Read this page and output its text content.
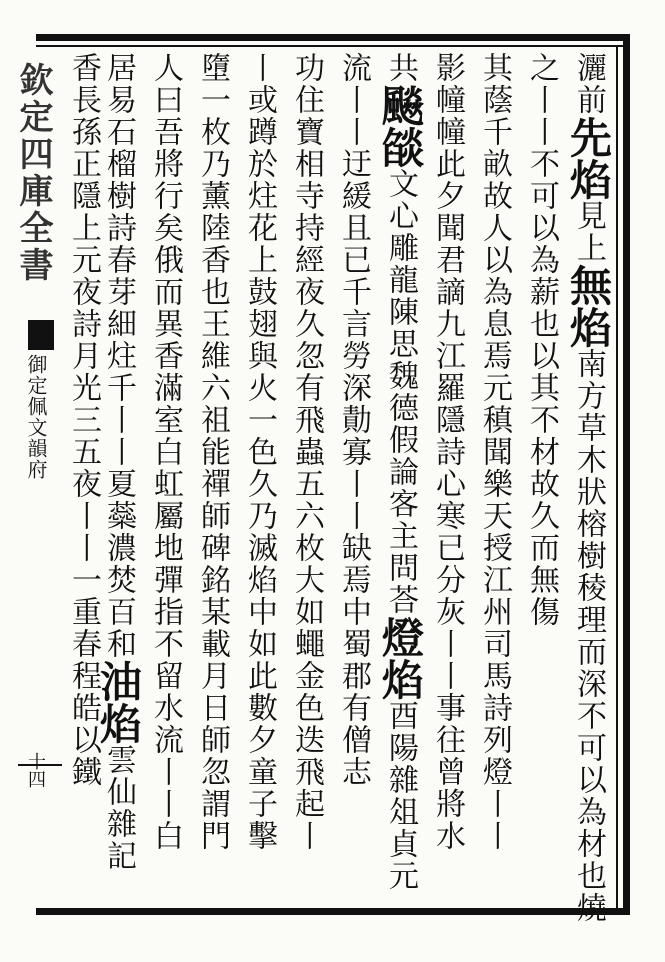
欽定四庫全書
御定佩文韻府
十四
灑前先焰見上無焰南方草木狀榕樹稜理而深不可以為材也燒
之丨丨不可以為薪也以其不材故久而無傷
其蔭千畝故人以為息焉元稹聞樂天授江州司馬詩列燈丨丨
影幢幢此夕聞君謫九江羅隱詩心寒已分灰丨丨事往曾將水
共飈燄文心雕龍陳思魏德假論客主問荅燈焰酉陽雜俎貞元
流丨丨迂緩且已千言勞深勣寡丨丨缺焉中蜀郡有僧志
功住寶相寺持經夜久忽有飛蟲五六枚大如蠅金色迭飛起丨
丨或蹲於炷花上鼓翅與火一色久乃滅焰中如此數夕童子擊
墮一枚乃薰陸香也王維六祖能禪師碑銘某載月日師忽謂門
人曰吾將行矣俄而異香滿室白虹屬地彈指不留水流丨丨白
居易石榴樹詩春芽細炷千丨丨夏蘂濃焚百和油焰雲仙雜記
香長孫正隱上元夜詩月光三五夜丨丨一重春程皓以鐵
